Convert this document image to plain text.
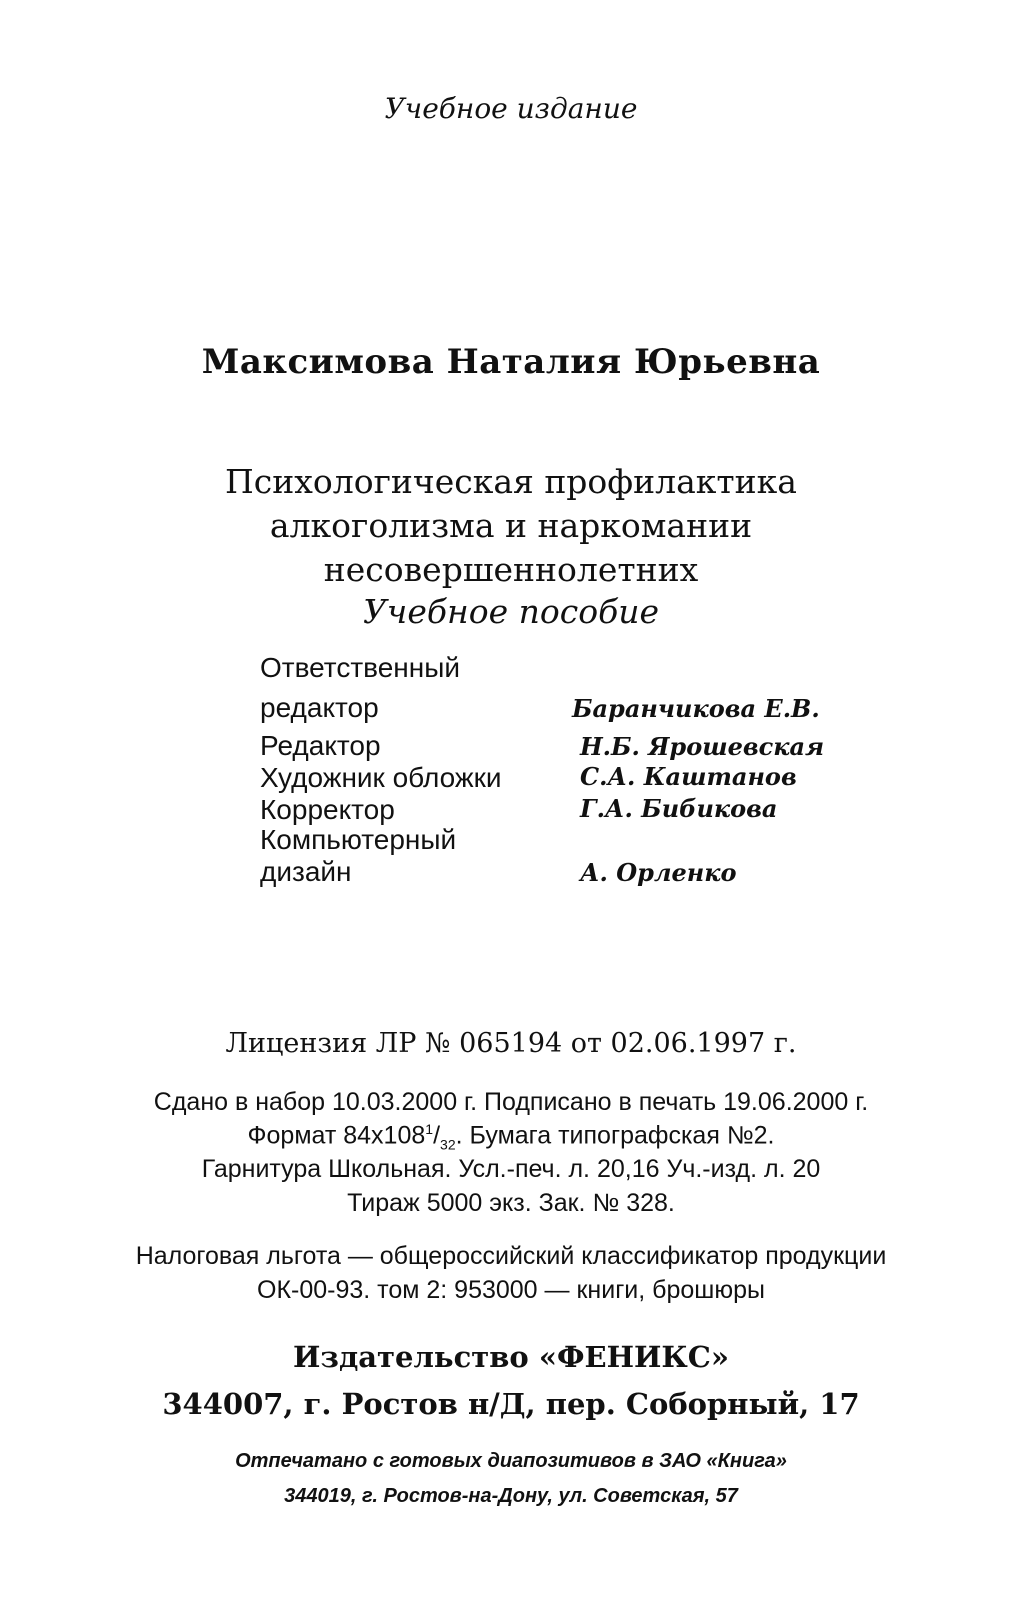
Учебное издание
Максимова Наталия Юрьевна
Психологическая профилактика
алкоголизма и наркомании
несовершеннолетних
Учебное пособие
Ответственный
редактор	Баранчикова Е.В.
Редактор	Н.Б. Ярошевская
Художник обложки	С.А. Каштанов
Корректор	Г.А. Бибикова
Компьютерный
дизайн	А. Орленко
Лицензия ЛР № 065194 от 02.06.1997 г.
Сдано в набор 10.03.2000 г. Подписано в печать 19.06.2000 г.
Формат $84х108^1/_{32}$. Бумага типографская №2.
Гарнитура Школьная. Усл.-печ. л. 20,16 Уч.-изд. л. 20
Тираж 5000 экз. Зак. № 328.
Налоговая льгота — общероссийский классификатор продукции
ОК-00-93. том 2: 953000 — книги, брошюры
Издательство «ФЕНИКС»
344007, г. Ростов н/Д, пер. Соборный, 17
Отпечатано с готовых диапозитивов в ЗАО «Книга»
344019, г. Ростов-на-Дону, ул. Советская, 57
